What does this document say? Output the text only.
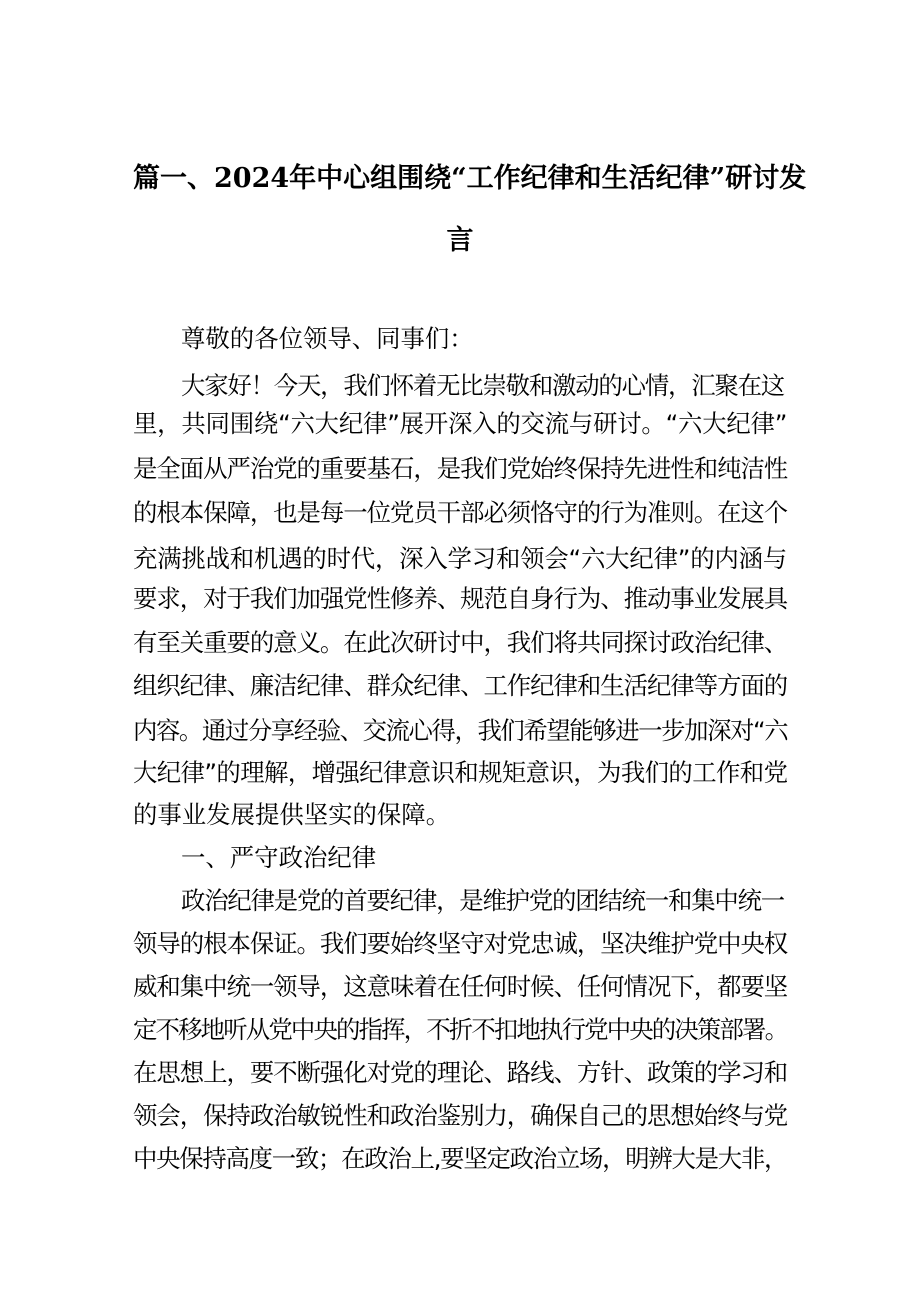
篇一、2024年中心组围绕“工作纪律和生活纪律”研讨发
言
尊敬的各位领导、同事们：
大家好！今天，我们怀着无比崇敬和激动的心情，汇聚在这
里，共同围绕“六大纪律”展开深入的交流与研讨。“六大纪律”
是全面从严治党的重要基石，是我们党始终保持先进性和纯洁性
的根本保障，也是每一位党员干部必须恪守的行为准则。在这个
充满挑战和机遇的时代，深入学习和领会“六大纪律”的内涵与
要求，对于我们加强党性修养、规范自身行为、推动事业发展具
有至关重要的意义。在此次研讨中，我们将共同探讨政治纪律、
组织纪律、廉洁纪律、群众纪律、工作纪律和生活纪律等方面的
内容。通过分享经验、交流心得，我们希望能够进一步加深对“六
大纪律”的理解，增强纪律意识和规矩意识，为我们的工作和党
的事业发展提供坚实的保障。
一、严守政治纪律
政治纪律是党的首要纪律，是维护党的团结统一和集中统一
领导的根本保证。我们要始终坚守对党忠诚，坚决维护党中央权
威和集中统一领导，这意味着在任何时候、任何情况下，都要坚
定不移地听从党中央的指挥，不折不扣地执行党中央的决策部署。
在思想上，要不断强化对党的理论、路线、方针、政策的学习和
领会，保持政治敏锐性和政治鉴别力，确保自己的思想始终与党
中央保持高度一致；在政治上,要坚定政治立场，明辨大是大非，
